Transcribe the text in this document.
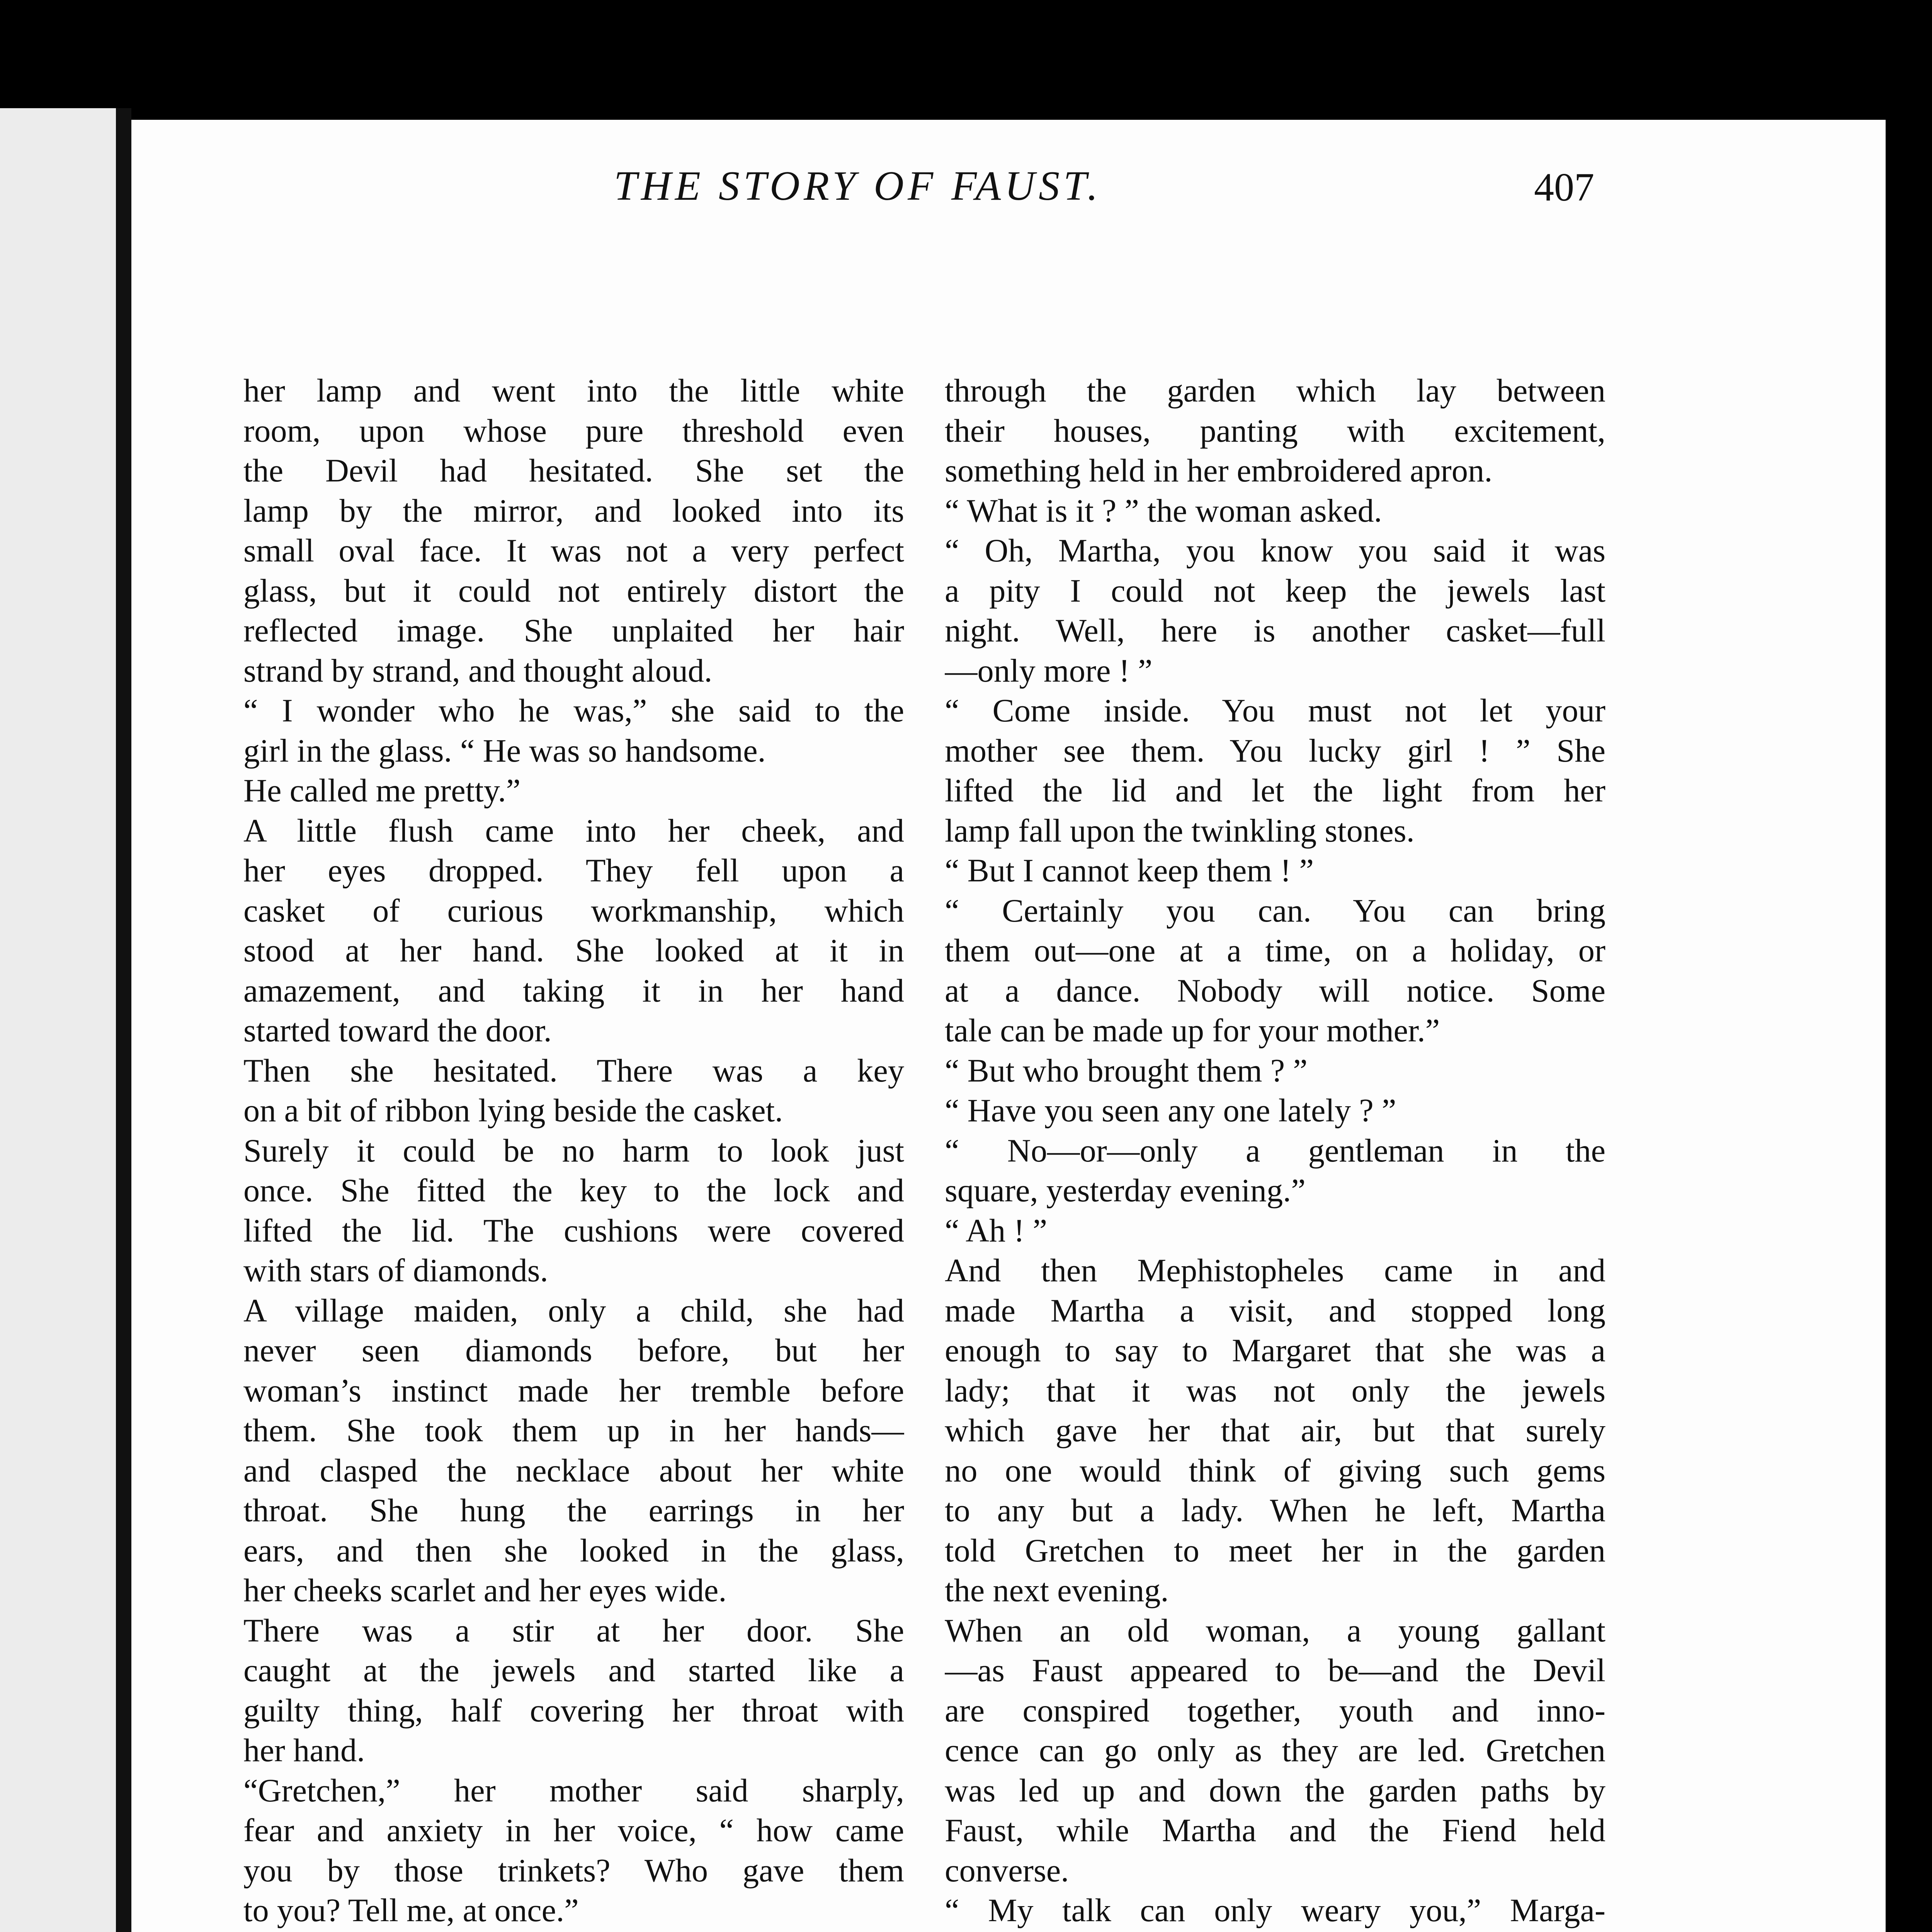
THE STORY OF FAUST.	407
her lamp and went into the little white
room, upon whose pure threshold even
the Devil had hesitated. She set the
lamp by the mirror, and looked into its
small oval face. It was not a very perfect
glass, but it could not entirely distort the
reflected image. She unplaited her hair
strand by strand, and thought aloud.
“ I wonder who he was,” she said to the
girl in the glass. “ He was so handsome.
He called me pretty.”
A little flush came into her cheek, and
her eyes dropped. They fell upon a
casket of curious workmanship, which
stood at her hand. She looked at it in
amazement, and taking it in her hand
started toward the door.
Then she hesitated. There was a key
on a bit of ribbon lying beside the casket.
Surely it could be no harm to look just
once. She fitted the key to the lock and
lifted the lid. The cushions were covered
with stars of diamonds.
A village maiden, only a child, she had
never seen diamonds before, but her
woman’s instinct made her tremble before
them. She took them up in her hands—
and clasped the necklace about her white
throat. She hung the earrings in her
ears, and then she looked in the glass,
her cheeks scarlet and her eyes wide.
There was a stir at her door. She
caught at the jewels and started like a
guilty thing, half covering her throat with
her hand.
“Gretchen,” her mother said sharply,
fear and anxiety in her voice, “ how came
you by those trinkets? Who gave them
to you? Tell me, at once.”
through the garden which lay between
their houses, panting with excitement,
something held in her embroidered apron.
“ What is it ? ” the woman asked.
“ Oh, Martha, you know you said it was
a pity I could not keep the jewels last
night. Well, here is another casket—full
—only more ! ”
“ Come inside. You must not let your
mother see them. You lucky girl ! ” She
lifted the lid and let the light from her
lamp fall upon the twinkling stones.
“ But I cannot keep them ! ”
“ Certainly you can. You can bring
them out—one at a time, on a holiday, or
at a dance. Nobody will notice. Some
tale can be made up for your mother.”
“ But who brought them ? ”
“ Have you seen any one lately ? ”
“ No—or—only a gentleman in the
square, yesterday evening.”
“ Ah ! ”
And then Mephistopheles came in and
made Martha a visit, and stopped long
enough to say to Margaret that she was a
lady; that it was not only the jewels
which gave her that air, but that surely
no one would think of giving such gems
to any but a lady. When he left, Martha
told Gretchen to meet her in the garden
the next evening.
When an old woman, a young gallant
—as Faust appeared to be—and the Devil
are conspired together, youth and inno-
cence can go only as they are led. Gretchen
was led up and down the garden paths by
Faust, while Martha and the Fiend held
converse.
“ My talk can only weary you,” Marga-
